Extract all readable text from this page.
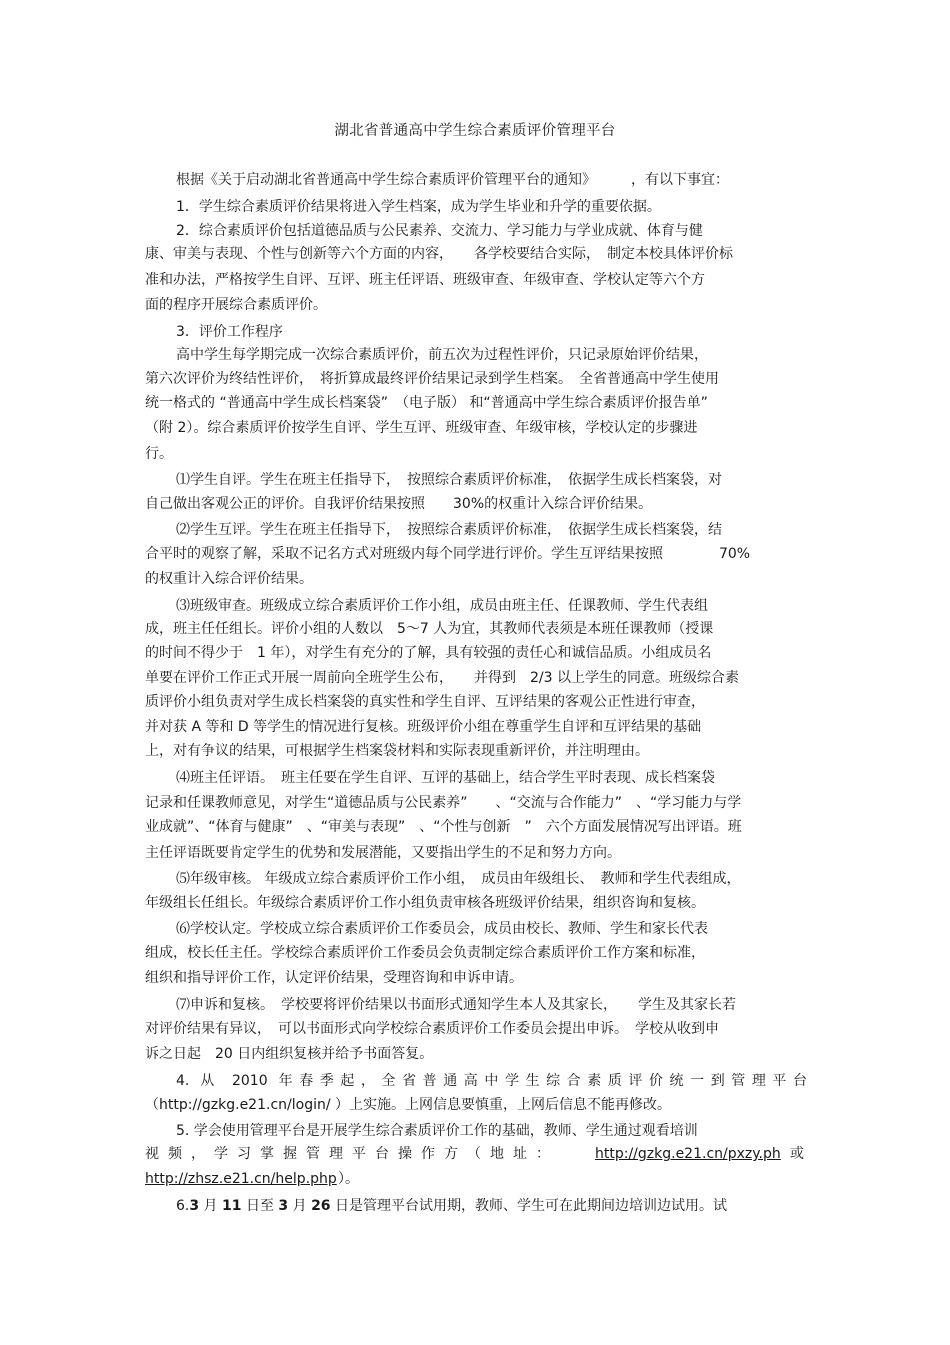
湖北省普通高中学生综合素质评价管理平台
根据《关于启动湖北省普通高中学生综合素质评价管理平台的通知》　　　，有以下事宜：
1．学生综合素质评价结果将进入学生档案，成为学生毕业和升学的重要依据。
2．综合素质评价包括道德品质与公民素养、交流力、学习能力与学业成就、体育与健
康、审美与表现、个性与创新等六个方面的内容，　　各学校要结合实际，　制定本校具体评价标
准和办法，严格按学生自评、互评、班主任评语、班级审查、年级审查、学校认定等六个方
面的程序开展综合素质评价。
3．评价工作程序
高中学生每学期完成一次综合素质评价，前五次为过程性评价，只记录原始评价结果，
第六次评价为终结性评价，　将折算成最终评价结果记录到学生档案。　全省普通高中学生使用
统一格式的 “普通高中学生成长档案袋”　（电子版） 和“普通高中学生综合素质评价报告单”
（附 2）。综合素质评价按学生自评、学生互评、班级审查、年级审核，学校认定的步骤进
行。
⑴学生自评。学生在班主任指导下，　按照综合素质评价标准，　依据学生成长档案袋，对
自己做出客观公正的评价。自我评价结果按照　　30%的权重计入综合评价结果。
⑵学生互评。学生在班主任指导下，　按照综合素质评价标准，　依据学生成长档案袋，结
合平时的观察了解，采取不记名方式对班级内每个同学进行评价。学生互评结果按照　　　　70%
的权重计入综合评价结果。
⑶班级审查。班级成立综合素质评价工作小组，成员由班主任、任课教师、学生代表组
成，班主任任组长。评价小组的人数以　5～7 人为宜，其教师代表须是本班任课教师（授课
的时间不得少于　1 年），对学生有充分的了解，具有较强的责任心和诚信品质。小组成员名
单要在评价工作正式开展一周前向全班学生公布，　　并得到　2/3 以上学生的同意。班级综合素
质评价小组负责对学生成长档案袋的真实性和学生自评、互评结果的客观公正性进行审查，
并对获 A 等和 D 等学生的情况进行复核。班级评价小组在尊重学生自评和互评结果的基础
上，对有争议的结果，可根据学生档案袋材料和实际表现重新评价，并注明理由。
⑷班主任评语。　班主任要在学生自评、互评的基础上，结合学生平时表现、成长档案袋
记录和任课教师意见，对学生“道德品质与公民素养”　　、“交流与合作能力”　、“学习能力与学
业成就”、“体育与健康”　、“审美与表现”　、“个性与创新　”　六个方面发展情况写出评语。班
主任评语既要肯定学生的优势和发展潜能，又要指出学生的不足和努力方向。
⑸年级审核。 年级成立综合素质评价工作小组，　成员由年级组长、　教师和学生代表组成，
年级组长任组长。年级综合素质评价工作小组负责审核各班级评价结果，组织咨询和复核。
⑹学校认定。学校成立综合素质评价工作委员会，成员由校长、教师、学生和家长代表
组成，校长任主任。学校综合素质评价工作委员会负责制定综合素质评价工作方案和标准，
组织和指导评价工作，认定评价结果，受理咨询和申诉申请。
⑺申诉和复核。　学校要将评价结果以书面形式通知学生本人及其家长，　　学生及其家长若
对评价结果有异议，　可以书面形式向学校综合素质评价工作委员会提出申诉。　学校从收到申
诉之日起　20 日内组织复核并给予书面答复。
4. 从 2010 年春季起，全省普通高中学生综合素质评价统一到管理平台
（http://gzkg.e21.cn/login/ ）上实施。上网信息要慎重，上网后信息不能再修改。
5. 学会使用管理平台是开展学生综合素质评价工作的基础，教师、学生通过观看培训
视频，学习掌握管理平台操作方（地址：	http://gzkg.e21.cn/pxzy.ph 或
http://zhsz.e21.cn/help.php ）。
6.3 月 11 日至 3 月 26 日是管理平台试用期，教师、学生可在此期间边培训边试用。试
